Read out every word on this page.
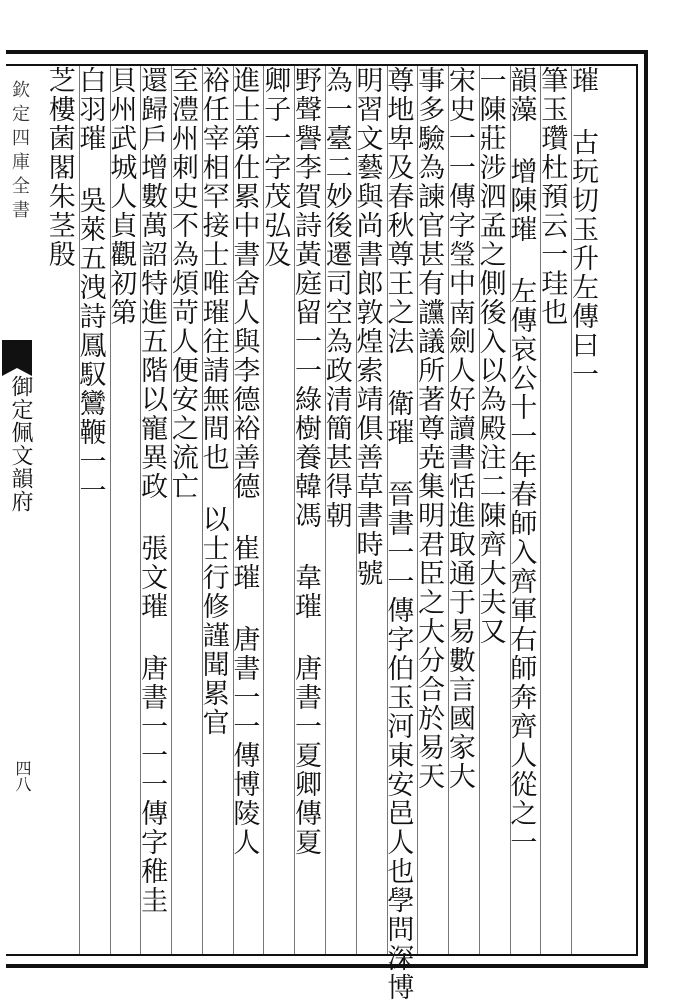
欽定四庫全書
御定佩文韻府
四八
璀 古玩切玉升左傳曰一
筆玉瓚杜預云一珪也
韻藻 增陳璀 左傳哀公十一年春師入齊軍右師奔齊人從之一
一陳莊涉泗孟之側後入以為殿注二陳齊大夫又
宋史一一傳字瑩中南劍人好讀書恬進取通于易數言國家大
事多驗為諫官甚有讜議所著尊尭集明君臣之大分合於易天
尊地卑及春秋尊王之法 衛璀 晉書一一傳字伯玉河東安邑人也學問深博
明習文藝與尚書郎敦煌索靖俱善草書時號
為一臺二妙後遷司空為政清簡甚得朝
野聲譽李賀詩黃庭留一一綠樹養韓馮 韋璀 唐書一夏卿傳夏
卿子一字茂弘及
進士第仕累中書舍人與李德裕善德 崔璀 唐書一一傳博陵人
裕任宰相罕接士唯璀往請無間也 以士行修謹聞累官
至澧州刺史不為煩苛人便安之流亡
還歸戶增數萬詔特進五階以寵異政 張文璀 唐書一一一傳字稚圭
貝州武城人貞觀初第
白羽璀 吳萊五洩詩鳳馭鸞鞭一一
芝樓菌閣朱茎殷
